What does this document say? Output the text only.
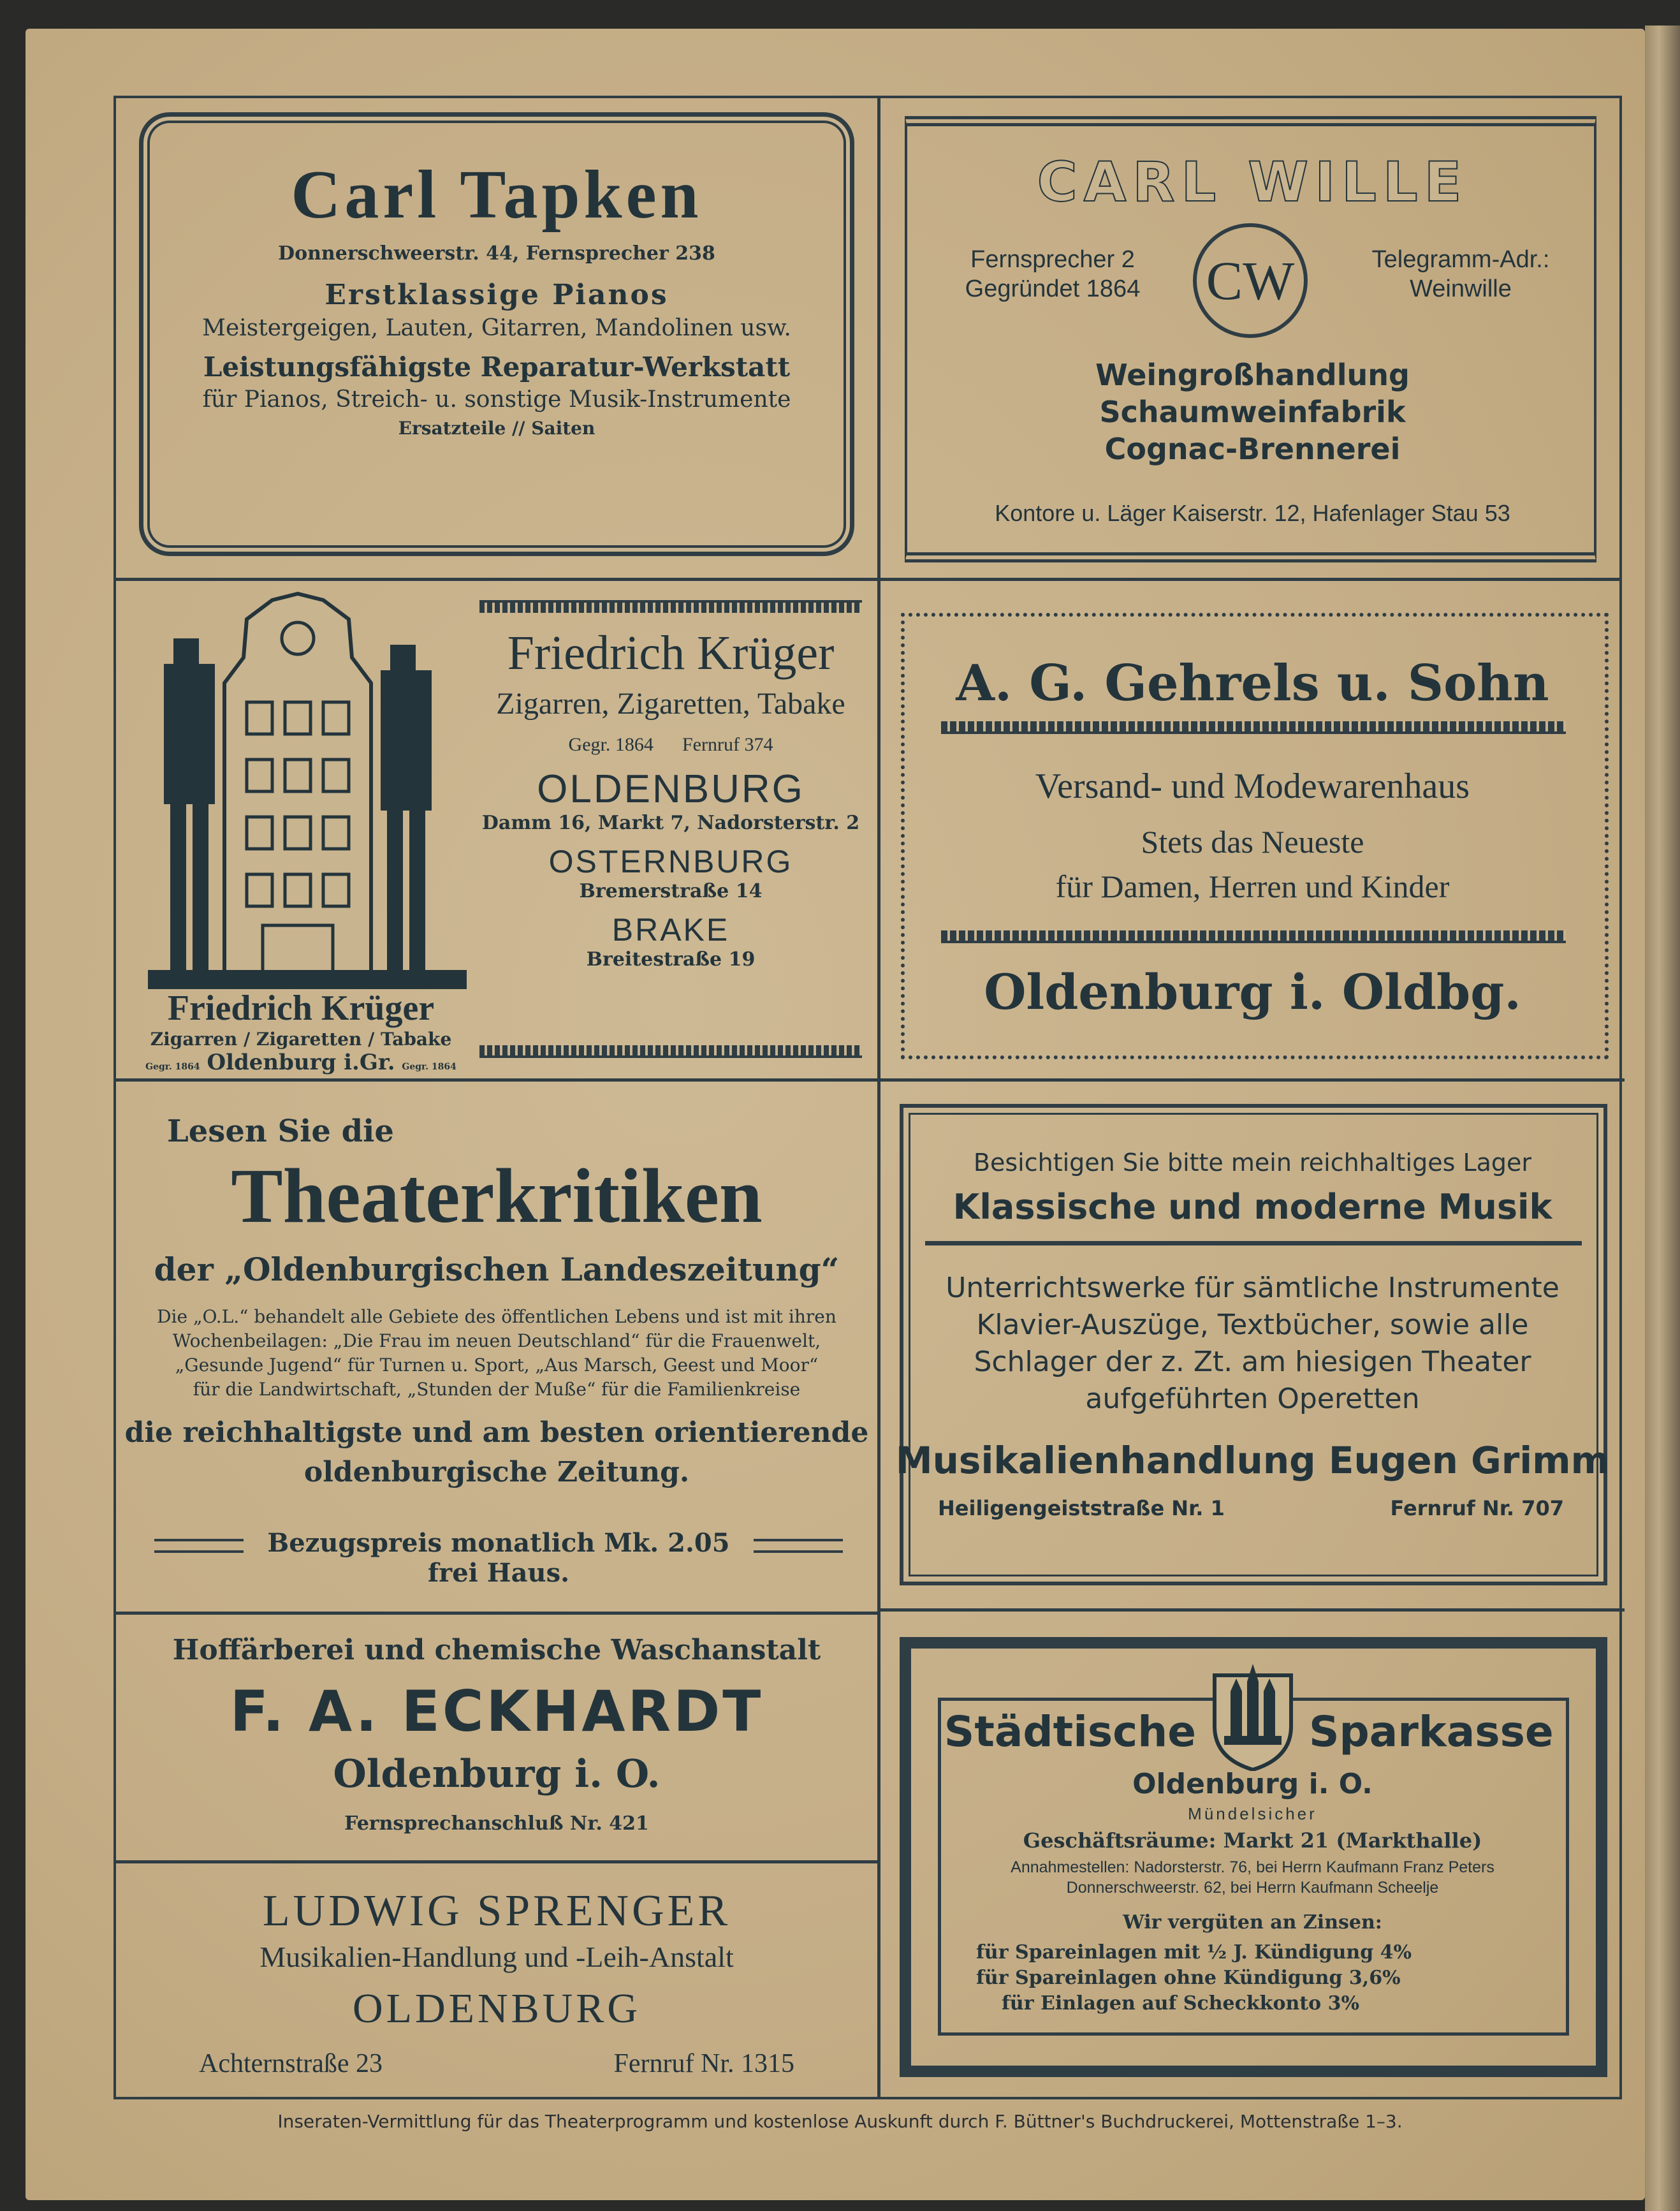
Carl Tapken
Donnerschweerstr. 44, Fernsprecher 238
Erstklassige Pianos
Meistergeigen, Lauten, Gitarren, Mandolinen usw.
Leistungsfähigste Reparatur-Werkstatt
für Pianos, Streich- u. sonstige Musik-Instrumente
Ersatzteile // Saiten
CARL WILLE
Fernsprecher 2
Gegründet 1864	CW	Telegramm-Adr.:
Weinwille
Weingroßhandlung
Schaumweinfabrik
Cognac-Brennerei
Kontore u. Läger Kaiserstr. 12, Hafenlager Stau 53
Friedrich Krüger
Zigarren / Zigaretten / Tabake
Gegr. 1864 Oldenburg i.Gr. Gegr. 1864
Friedrich Krüger
Zigarren, Zigaretten, Tabake
Gegr. 1864 Fernruf 374
OLDENBURG
Damm 16, Markt 7, Nadorsterstr. 2
OSTERNBURG
Bremerstraße 14
BRAKE
Breitestraße 19
A. G. Gehrels u. Sohn
Versand- und Modewarenhaus
Stets das Neueste
für Damen, Herren und Kinder
Oldenburg i. Oldbg.
Lesen Sie die
Theaterkritiken
der „Oldenburgischen Landeszeitung“
Die „O.L.“ behandelt alle Gebiete des öffentlichen Lebens und ist mit ihren
Wochenbeilagen: „Die Frau im neuen Deutschland“ für die Frauenwelt,
„Gesunde Jugend“ für Turnen u. Sport, „Aus Marsch, Geest und Moor“
für die Landwirtschaft, „Stunden der Muße“ für die Familienkreise
die reichhaltigste und am besten orientierende
oldenburgische Zeitung.
Bezugspreis monatlich Mk. 2.05 frei Haus.
Besichtigen Sie bitte mein reichhaltiges Lager
Klassische und moderne Musik
Unterrichtswerke für sämtliche Instrumente
Klavier-Auszüge, Textbücher, sowie alle
Schlager der z. Zt. am hiesigen Theater
aufgeführten Operetten
Musikalienhandlung Eugen Grimm
Heiligengeiststraße Nr. 1	Fernruf Nr. 707
Hoffärberei und chemische Waschanstalt
F. A. ECKHARDT
Oldenburg i. O.
Fernsprechanschluß Nr. 421
LUDWIG SPRENGER
Musikalien-Handlung und -Leih-Anstalt
OLDENBURG
Achternstraße 23	Fernruf Nr. 1315
Städtische	Sparkasse
Oldenburg i. O.
Mündelsicher
Geschäftsräume: Markt 21 (Markthalle)
Annahmestellen: Nadorsterstr. 76, bei Herrn Kaufmann Franz Peters
Donnerschweerstr. 62, bei Herrn Kaufmann Scheelje
Wir vergüten an Zinsen:
für Spareinlagen mit ½ J. Kündigung 4%
für Spareinlagen ohne Kündigung 3,6%
für Einlagen auf Scheckkonto 3%
Inseraten-Vermittlung für das Theaterprogramm und kostenlose Auskunft durch F. Büttner's Buchdruckerei, Mottenstraße 1–3.
